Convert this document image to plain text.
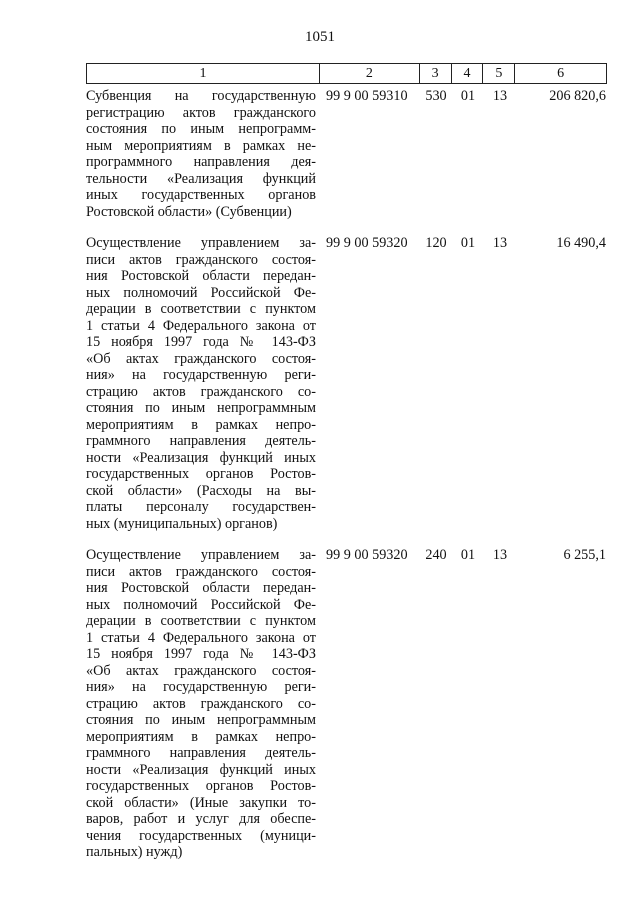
1051
1	2	3	4	5	6
Субвенция на государственную
регистрацию актов гражданского
состояния по иным непрограмм-
ным мероприятиям в рамках не-
программного направления дея-
тельности «Реализация функций
иных государственных органов
Ростовской области» (Субвенции)
99 9 00 59310	530	01	13	206 820,6
Осуществление управлением за-
писи актов гражданского состоя-
ния Ростовской области передан-
ных полномочий Российской Фе-
дерации в соответствии с пунктом
1 статьи 4 Федерального закона от
15 ноября 1997 года № 143-ФЗ
«Об актах гражданского состоя-
ния» на государственную реги-
страцию актов гражданского со-
стояния по иным непрограммным
мероприятиям в рамках непро-
граммного направления деятель-
ности «Реализация функций иных
государственных органов Ростов-
ской области» (Расходы на вы-
платы персоналу государствен-
ных (муниципальных) органов)
99 9 00 59320	120	01	13	16 490,4
Осуществление управлением за-
писи актов гражданского состоя-
ния Ростовской области передан-
ных полномочий Российской Фе-
дерации в соответствии с пунктом
1 статьи 4 Федерального закона от
15 ноября 1997 года № 143-ФЗ
«Об актах гражданского состоя-
ния» на государственную реги-
страцию актов гражданского со-
стояния по иным непрограммным
мероприятиям в рамках непро-
граммного направления деятель-
ности «Реализация функций иных
государственных органов Ростов-
ской области» (Иные закупки то-
варов, работ и услуг для обеспе-
чения государственных (муници-
пальных) нужд)
99 9 00 59320	240	01	13	6 255,1
